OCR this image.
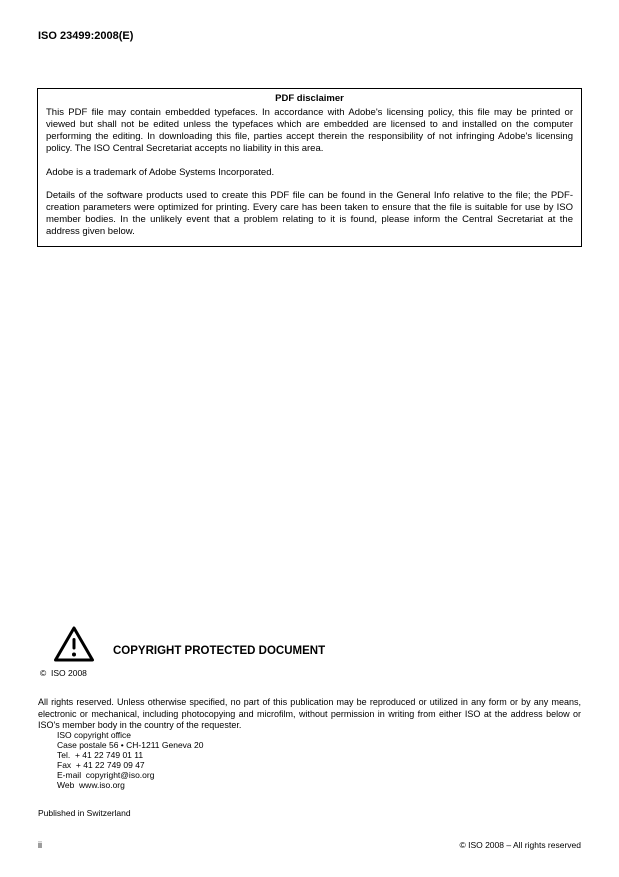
ISO 23499:2008(E)
PDF disclaimer

This PDF file may contain embedded typefaces. In accordance with Adobe's licensing policy, this file may be printed or viewed but shall not be edited unless the typefaces which are embedded are licensed to and installed on the computer performing the editing. In downloading this file, parties accept therein the responsibility of not infringing Adobe's licensing policy. The ISO Central Secretariat accepts no liability in this area.

Adobe is a trademark of Adobe Systems Incorporated.

Details of the software products used to create this PDF file can be found in the General Info relative to the file; the PDF-creation parameters were optimized for printing. Every care has been taken to ensure that the file is suitable for use by ISO member bodies. In the unlikely event that a problem relating to it is found, please inform the Central Secretariat at the address given below.

COPYRIGHT PROTECTED DOCUMENT
©  ISO 2008

All rights reserved. Unless otherwise specified, no part of this publication may be reproduced or utilized in any form or by any means, electronic or mechanical, including photocopying and microfilm, without permission in writing from either ISO at the address below or ISO's member body in the country of the requester.

ISO copyright office
Case postale 56 • CH-1211 Geneva 20
Tel.  + 41 22 749 01 11
Fax  + 41 22 749 09 47
E-mail  copyright@iso.org
Web  www.iso.org
Published in Switzerland
ii	© ISO 2008 – All rights reserved
